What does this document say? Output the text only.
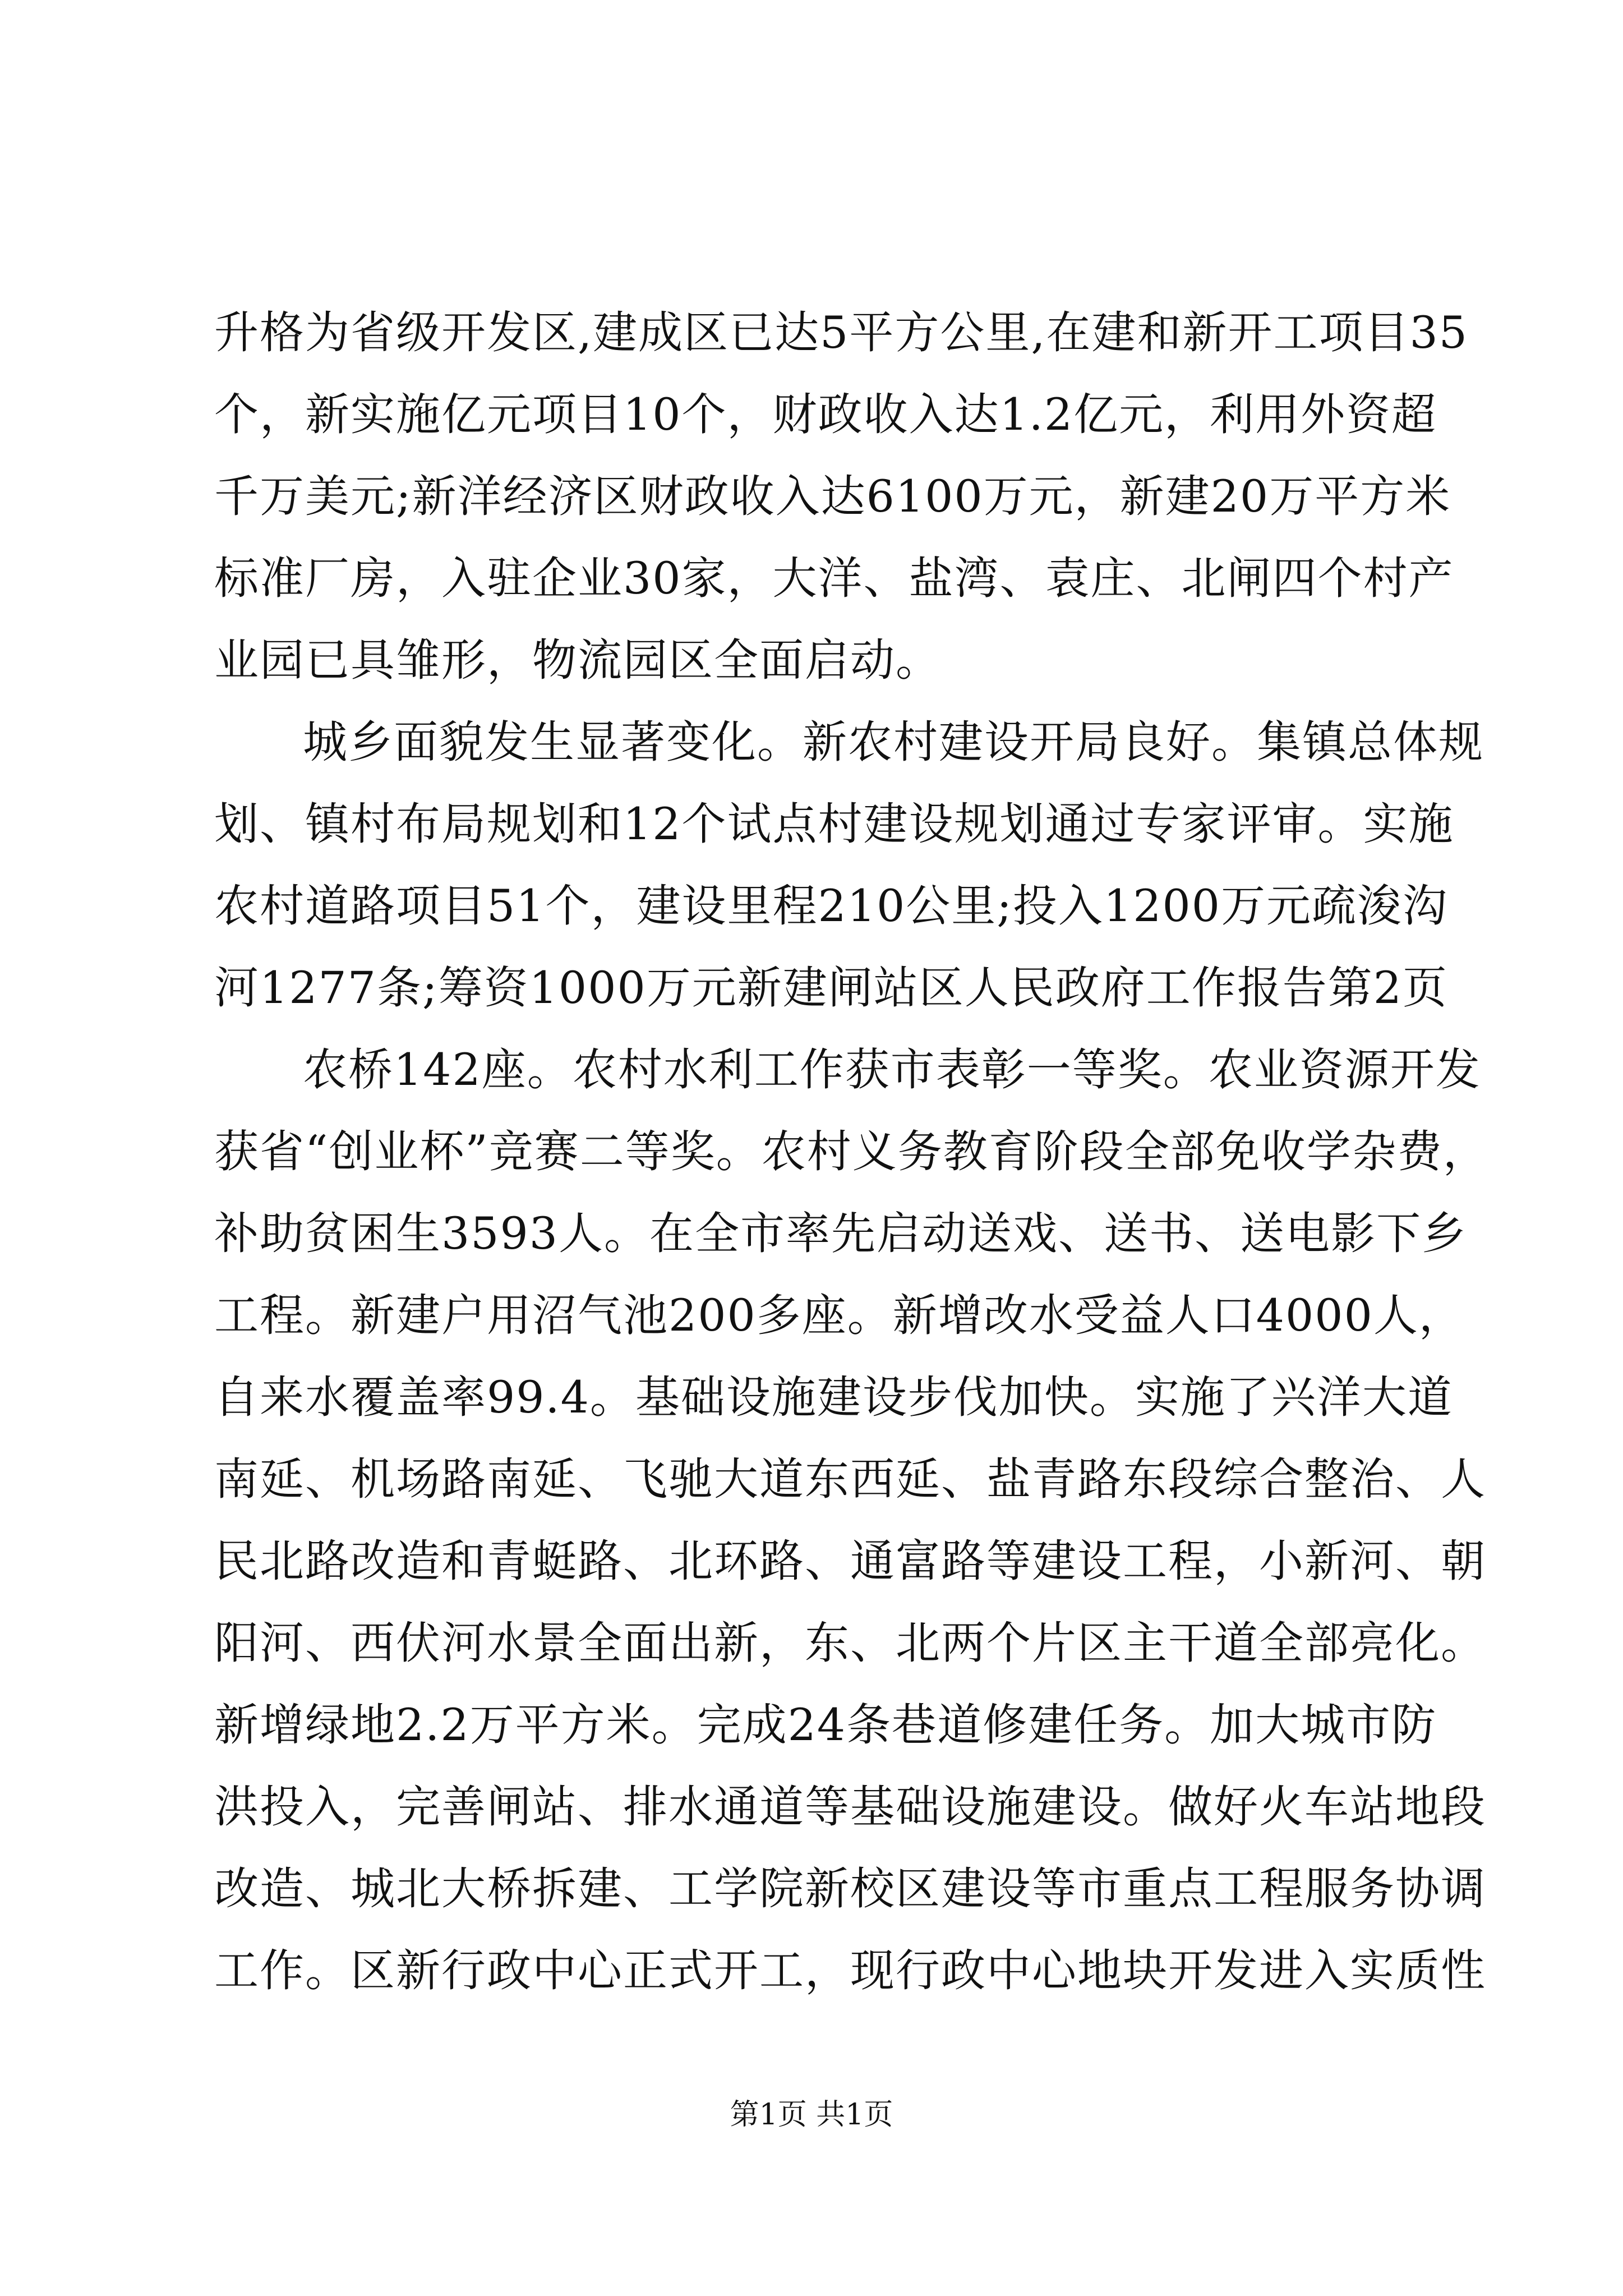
升格为省级开发区,建成区已达5平方公里,在建和新开工项目35
个，新实施亿元项目10个，财政收入达1.2亿元，利用外资超
千万美元;新洋经济区财政收入达6100万元，新建20万平方米
标准厂房，入驻企业30家，大洋、盐湾、袁庄、北闸四个村产
业园已具雏形，物流园区全面启动。
城乡面貌发生显著变化。新农村建设开局良好。集镇总体规
划、镇村布局规划和12个试点村建设规划通过专家评审。实施
农村道路项目51个，建设里程210公里;投入1200万元疏浚沟
河1277条;筹资1000万元新建闸站区人民政府工作报告第2页
农桥142座。农村水利工作获市表彰一等奖。农业资源开发
获省“创业杯”竞赛二等奖。农村义务教育阶段全部免收学杂费，
补助贫困生3593人。在全市率先启动送戏、送书、送电影下乡
工程。新建户用沼气池200多座。新增改水受益人口4000人，
自来水覆盖率99.4。基础设施建设步伐加快。实施了兴洋大道
南延、机场路南延、飞驰大道东西延、盐青路东段综合整治、人
民北路改造和青蜓路、北环路、通富路等建设工程，小新河、朝
阳河、西伏河水景全面出新，东、北两个片区主干道全部亮化。
新增绿地2.2万平方米。完成24条巷道修建任务。加大城市防
洪投入，完善闸站、排水通道等基础设施建设。做好火车站地段
改造、城北大桥拆建、工学院新校区建设等市重点工程服务协调
工作。区新行政中心正式开工，现行政中心地块开发进入实质性
第1页 共1页
